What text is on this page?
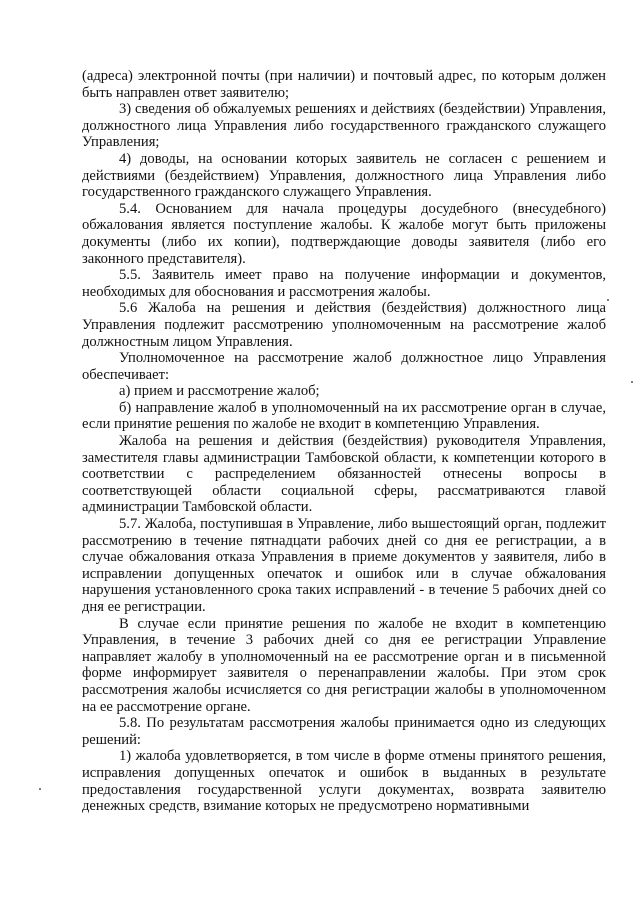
(адреса) электронной почты (при наличии) и почтовый адрес, по которым должен быть направлен ответ заявителю;

3) сведения об обжалуемых решениях и действиях (бездействии) Управления, должностного лица Управления либо государственного гражданского служащего Управления;

4) доводы, на основании которых заявитель не согласен с решением и действиями (бездействием) Управления, должностного лица Управления либо государственного гражданского служащего Управления.

5.4. Основанием для начала процедуры досудебного (внесудебного) обжалования является поступление жалобы. К жалобе могут быть приложены документы (либо их копии), подтверждающие доводы заявителя (либо его законного представителя).

5.5. Заявитель имеет право на получение информации и документов, необходимых для обоснования и рассмотрения жалобы.

5.6 Жалоба на решения и действия (бездействия) должностного лица Управления подлежит рассмотрению уполномоченным на рассмотрение жалоб должностным лицом Управления.

Уполномоченное на рассмотрение жалоб должностное лицо Управления обеспечивает:

а) прием и рассмотрение жалоб;

б) направление жалоб в уполномоченный на их рассмотрение орган в случае, если принятие решения по жалобе не входит в компетенцию Управления.

Жалоба на решения и действия (бездействия) руководителя Управления, заместителя главы администрации Тамбовской области, к компетенции которого в соответствии с распределением обязанностей отнесены вопросы в соответствующей области социальной сферы, рассматриваются главой администрации Тамбовской области.

5.7. Жалоба, поступившая в Управление, либо вышестоящий орган, подлежит рассмотрению в течение пятнадцати рабочих дней со дня ее регистрации, а в случае обжалования отказа Управления в приеме документов у заявителя, либо в исправлении допущенных опечаток и ошибок или в случае обжалования нарушения установленного срока таких исправлений - в течение 5 рабочих дней со дня ее регистрации.

В случае если принятие решения по жалобе не входит в компетенцию Управления, в течение 3 рабочих дней со дня ее регистрации Управление направляет жалобу в уполномоченный на ее рассмотрение орган и в письменной форме информирует заявителя о перенаправлении жалобы. При этом срок рассмотрения жалобы исчисляется со дня регистрации жалобы в уполномоченном на ее рассмотрение органе.

5.8. По результатам рассмотрения жалобы принимается одно из следующих решений:

1) жалоба удовлетворяется, в том числе в форме отмены принятого решения, исправления допущенных опечаток и ошибок в выданных в результате предоставления государственной услуги документах, возврата заявителю денежных средств, взимание которых не предусмотрено нормативными
